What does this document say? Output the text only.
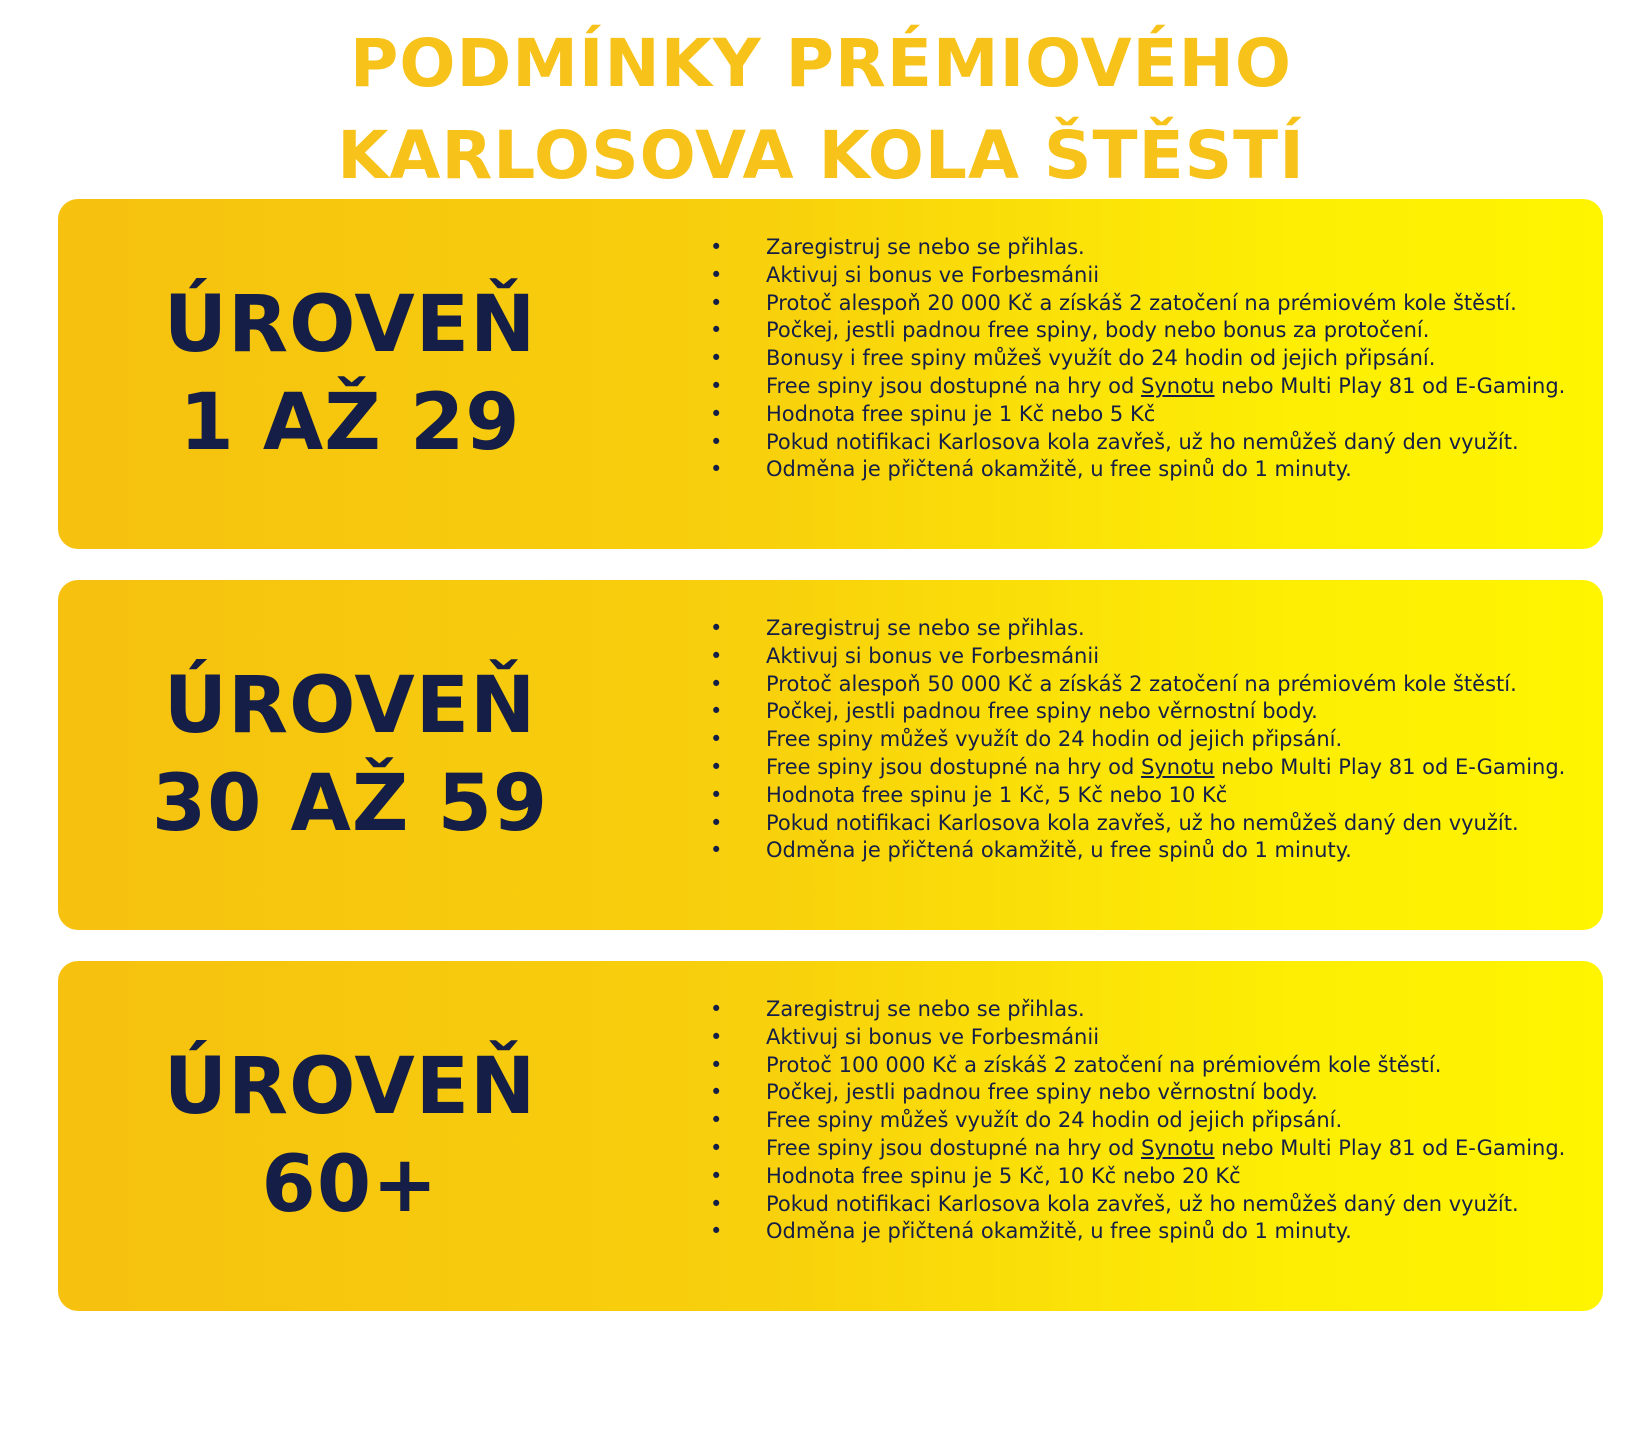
PODMÍNKY PRÉMIOVÉHO
KARLOSOVA KOLA ŠTĚSTÍ
ÚROVEŇ
1 AŽ 29
• Zaregistruj se nebo se přihlas.
• Aktivuj si bonus ve Forbesmánii
• Protoč alespoň 20 000 Kč a získáš 2 zatočení na prémiovém kole štěstí.
• Počkej, jestli padnou free spiny, body nebo bonus za protočení.
• Bonusy i free spiny můžeš využít do 24 hodin od jejich připsání.
• Free spiny jsou dostupné na hry od Synotu nebo Multi Play 81 od E-Gaming.
• Hodnota free spinu je 1 Kč nebo 5 Kč
• Pokud notifikaci Karlosova kola zavřeš, už ho nemůžeš daný den využít.
• Odměna je přičtená okamžitě, u free spinů do 1 minuty.
ÚROVEŇ
30 AŽ 59
• Zaregistruj se nebo se přihlas.
• Aktivuj si bonus ve Forbesmánii
• Protoč alespoň 50 000 Kč a získáš 2 zatočení na prémiovém kole štěstí.
• Počkej, jestli padnou free spiny nebo věrnostní body.
• Free spiny můžeš využít do 24 hodin od jejich připsání.
• Free spiny jsou dostupné na hry od Synotu nebo Multi Play 81 od E-Gaming.
• Hodnota free spinu je 1 Kč, 5 Kč nebo 10 Kč
• Pokud notifikaci Karlosova kola zavřeš, už ho nemůžeš daný den využít.
• Odměna je přičtená okamžitě, u free spinů do 1 minuty.
ÚROVEŇ
60+
• Zaregistruj se nebo se přihlas.
• Aktivuj si bonus ve Forbesmánii
• Protoč 100 000 Kč a získáš 2 zatočení na prémiovém kole štěstí.
• Počkej, jestli padnou free spiny nebo věrnostní body.
• Free spiny můžeš využít do 24 hodin od jejich připsání.
• Free spiny jsou dostupné na hry od Synotu nebo Multi Play 81 od E-Gaming.
• Hodnota free spinu je 5 Kč, 10 Kč nebo 20 Kč
• Pokud notifikaci Karlosova kola zavřeš, už ho nemůžeš daný den využít.
• Odměna je přičtená okamžitě, u free spinů do 1 minuty.
